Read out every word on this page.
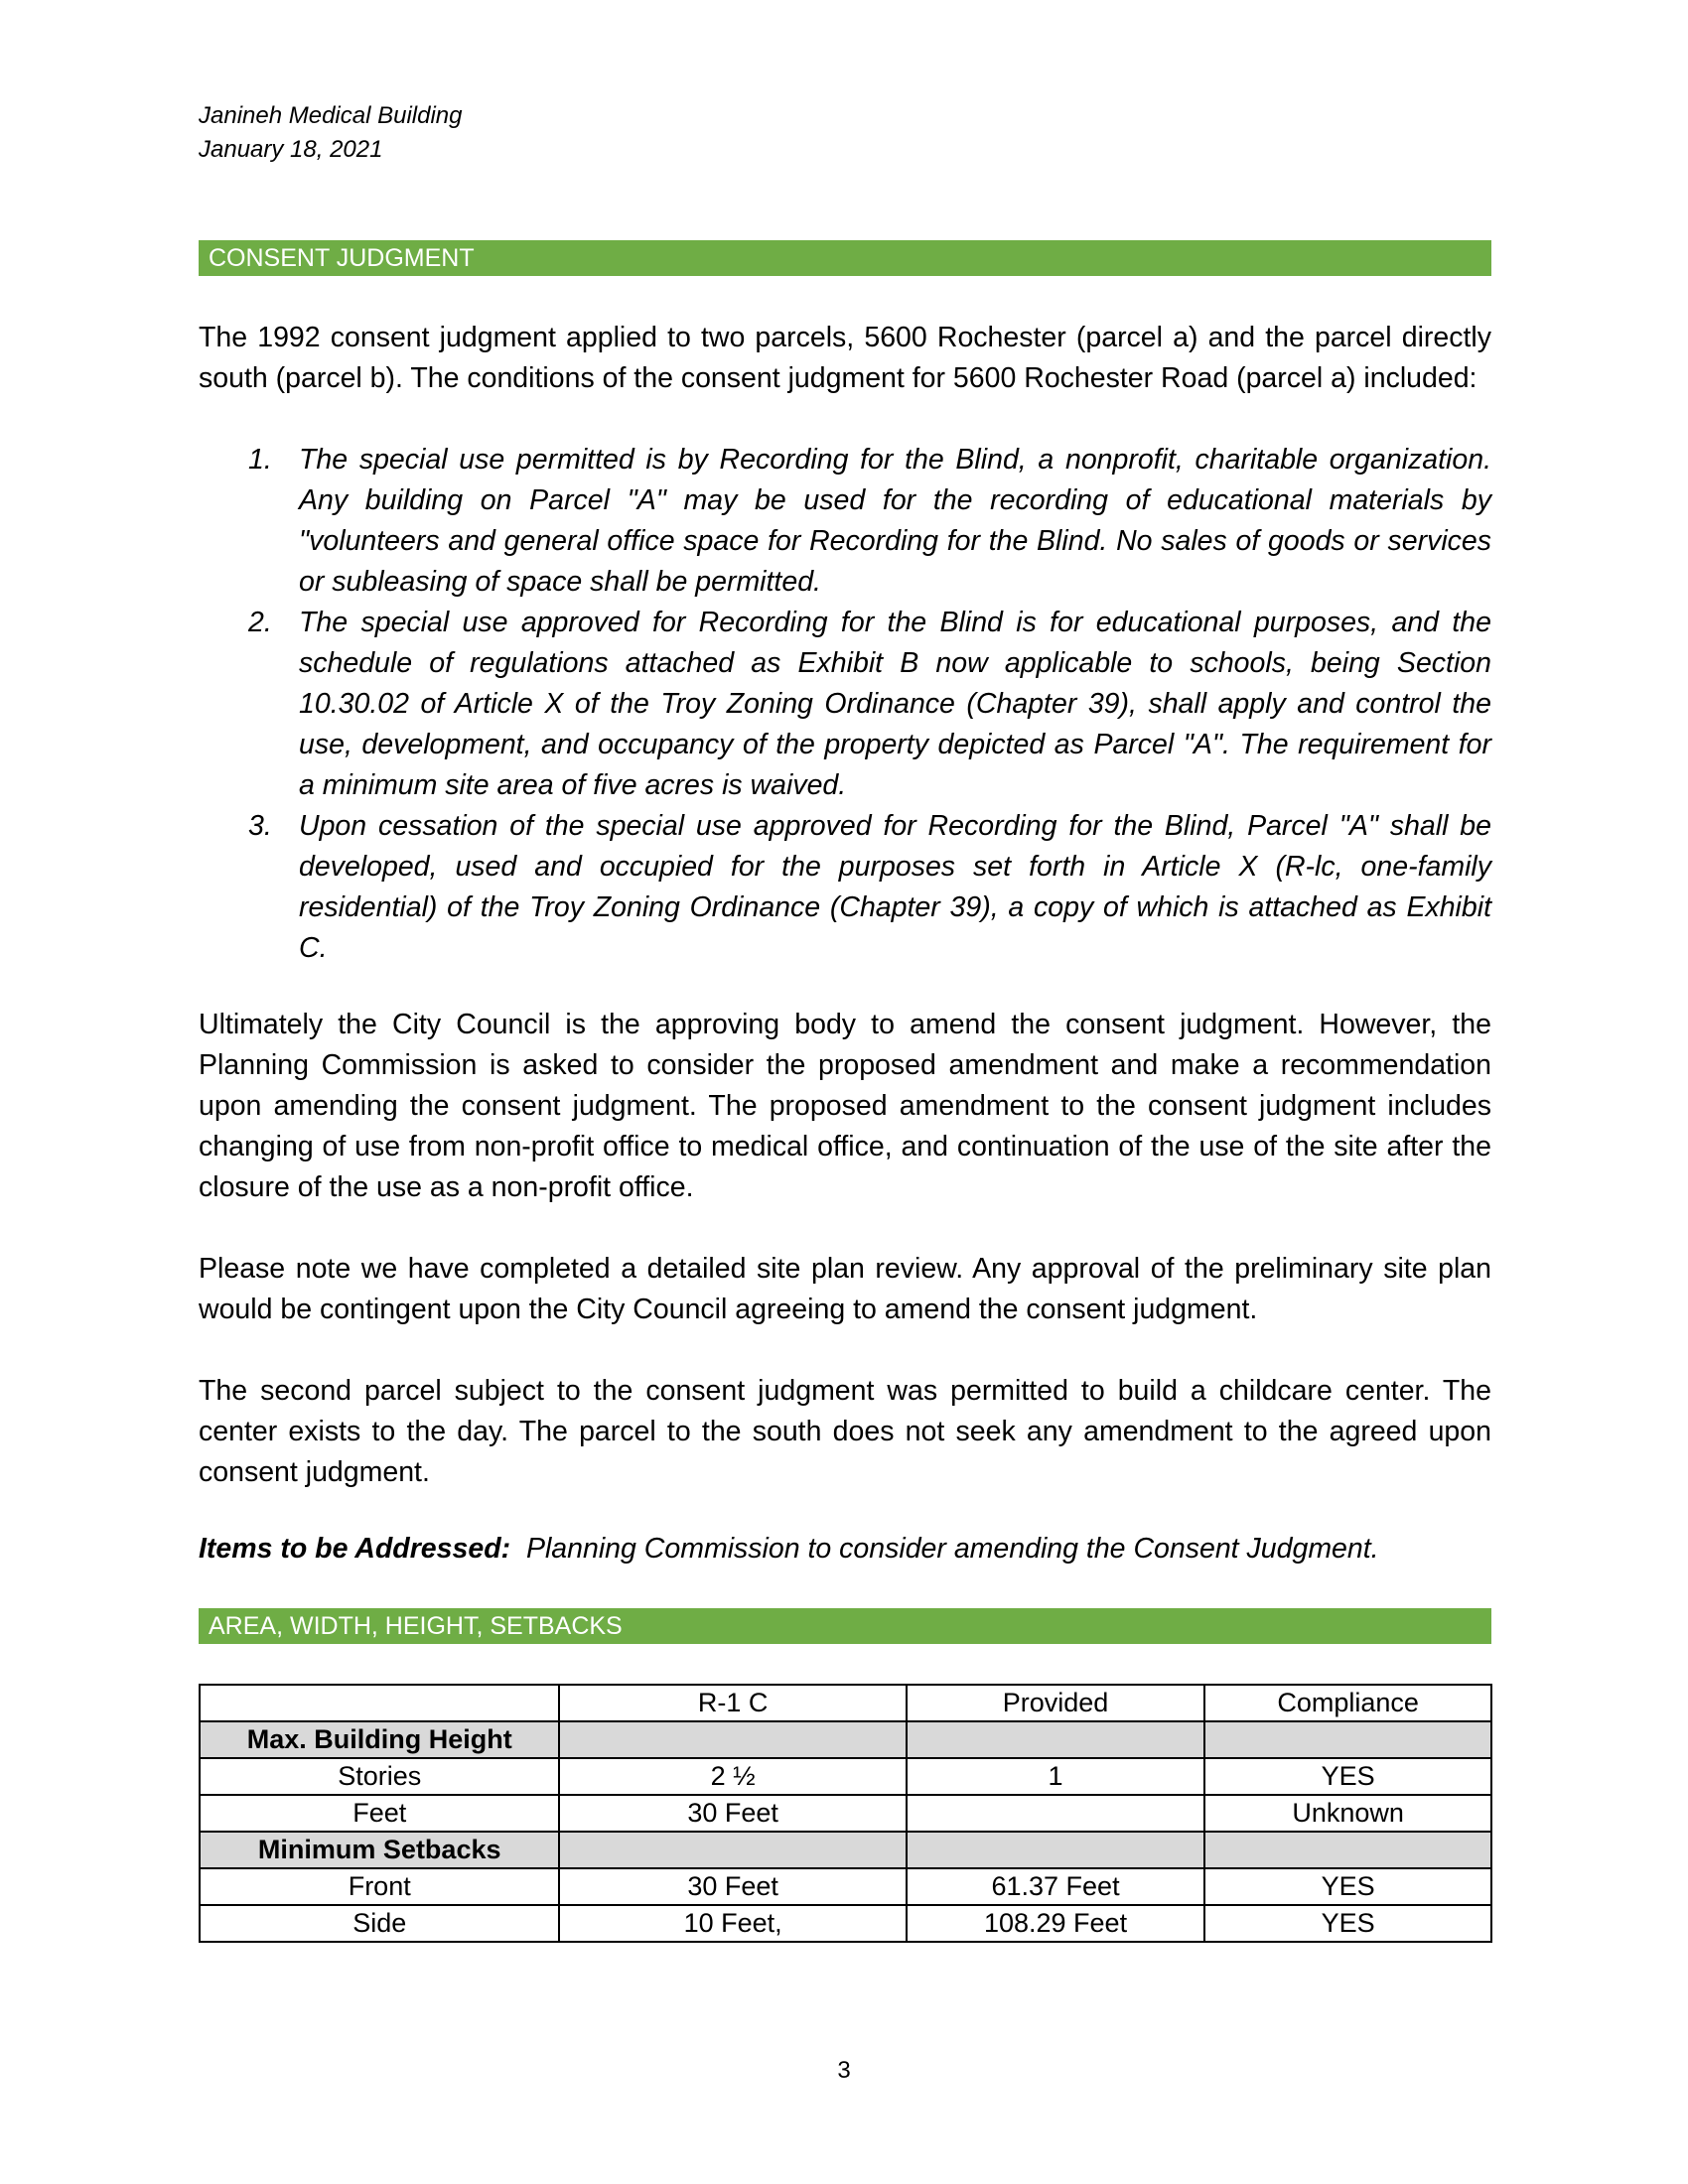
Janineh Medical Building
January 18, 2021
CONSENT JUDGMENT
The 1992 consent judgment applied to two parcels, 5600 Rochester (parcel a) and the parcel directly south (parcel b). The conditions of the consent judgment for 5600 Rochester Road (parcel a) included:
1. The special use permitted is by Recording for the Blind, a nonprofit, charitable organization. Any building on Parcel "A" may be used for the recording of educational materials by "volunteers and general office space for Recording for the Blind. No sales of goods or services or subleasing of space shall be permitted.
2. The special use approved for Recording for the Blind is for educational purposes, and the schedule of regulations attached as Exhibit B now applicable to schools, being Section 10.30.02 of Article X of the Troy Zoning Ordinance (Chapter 39), shall apply and control the use, development, and occupancy of the property depicted as Parcel "A". The requirement for a minimum site area of five acres is waived.
3. Upon cessation of the special use approved for Recording for the Blind, Parcel "A" shall be developed, used and occupied for the purposes set forth in Article X (R-lc, one-family residential) of the Troy Zoning Ordinance (Chapter 39), a copy of which is attached as Exhibit C.
Ultimately the City Council is the approving body to amend the consent judgment. However, the Planning Commission is asked to consider the proposed amendment and make a recommendation upon amending the consent judgment. The proposed amendment to the consent judgment includes changing of use from non-profit office to medical office, and continuation of the use of the site after the closure of the use as a non-profit office.
Please note we have completed a detailed site plan review. Any approval of the preliminary site plan would be contingent upon the City Council agreeing to amend the consent judgment.
The second parcel subject to the consent judgment was permitted to build a childcare center. The center exists to the day. The parcel to the south does not seek any amendment to the agreed upon consent judgment.
Items to be Addressed: Planning Commission to consider amending the Consent Judgment.
AREA, WIDTH, HEIGHT, SETBACKS
	R-1 C	Provided	Compliance
Max. Building Height			
Stories	2 ½	1	YES
Feet	30 Feet		Unknown
Minimum Setbacks			
Front	30 Feet	61.37 Feet	YES
Side	10 Feet,	108.29 Feet	YES
3
